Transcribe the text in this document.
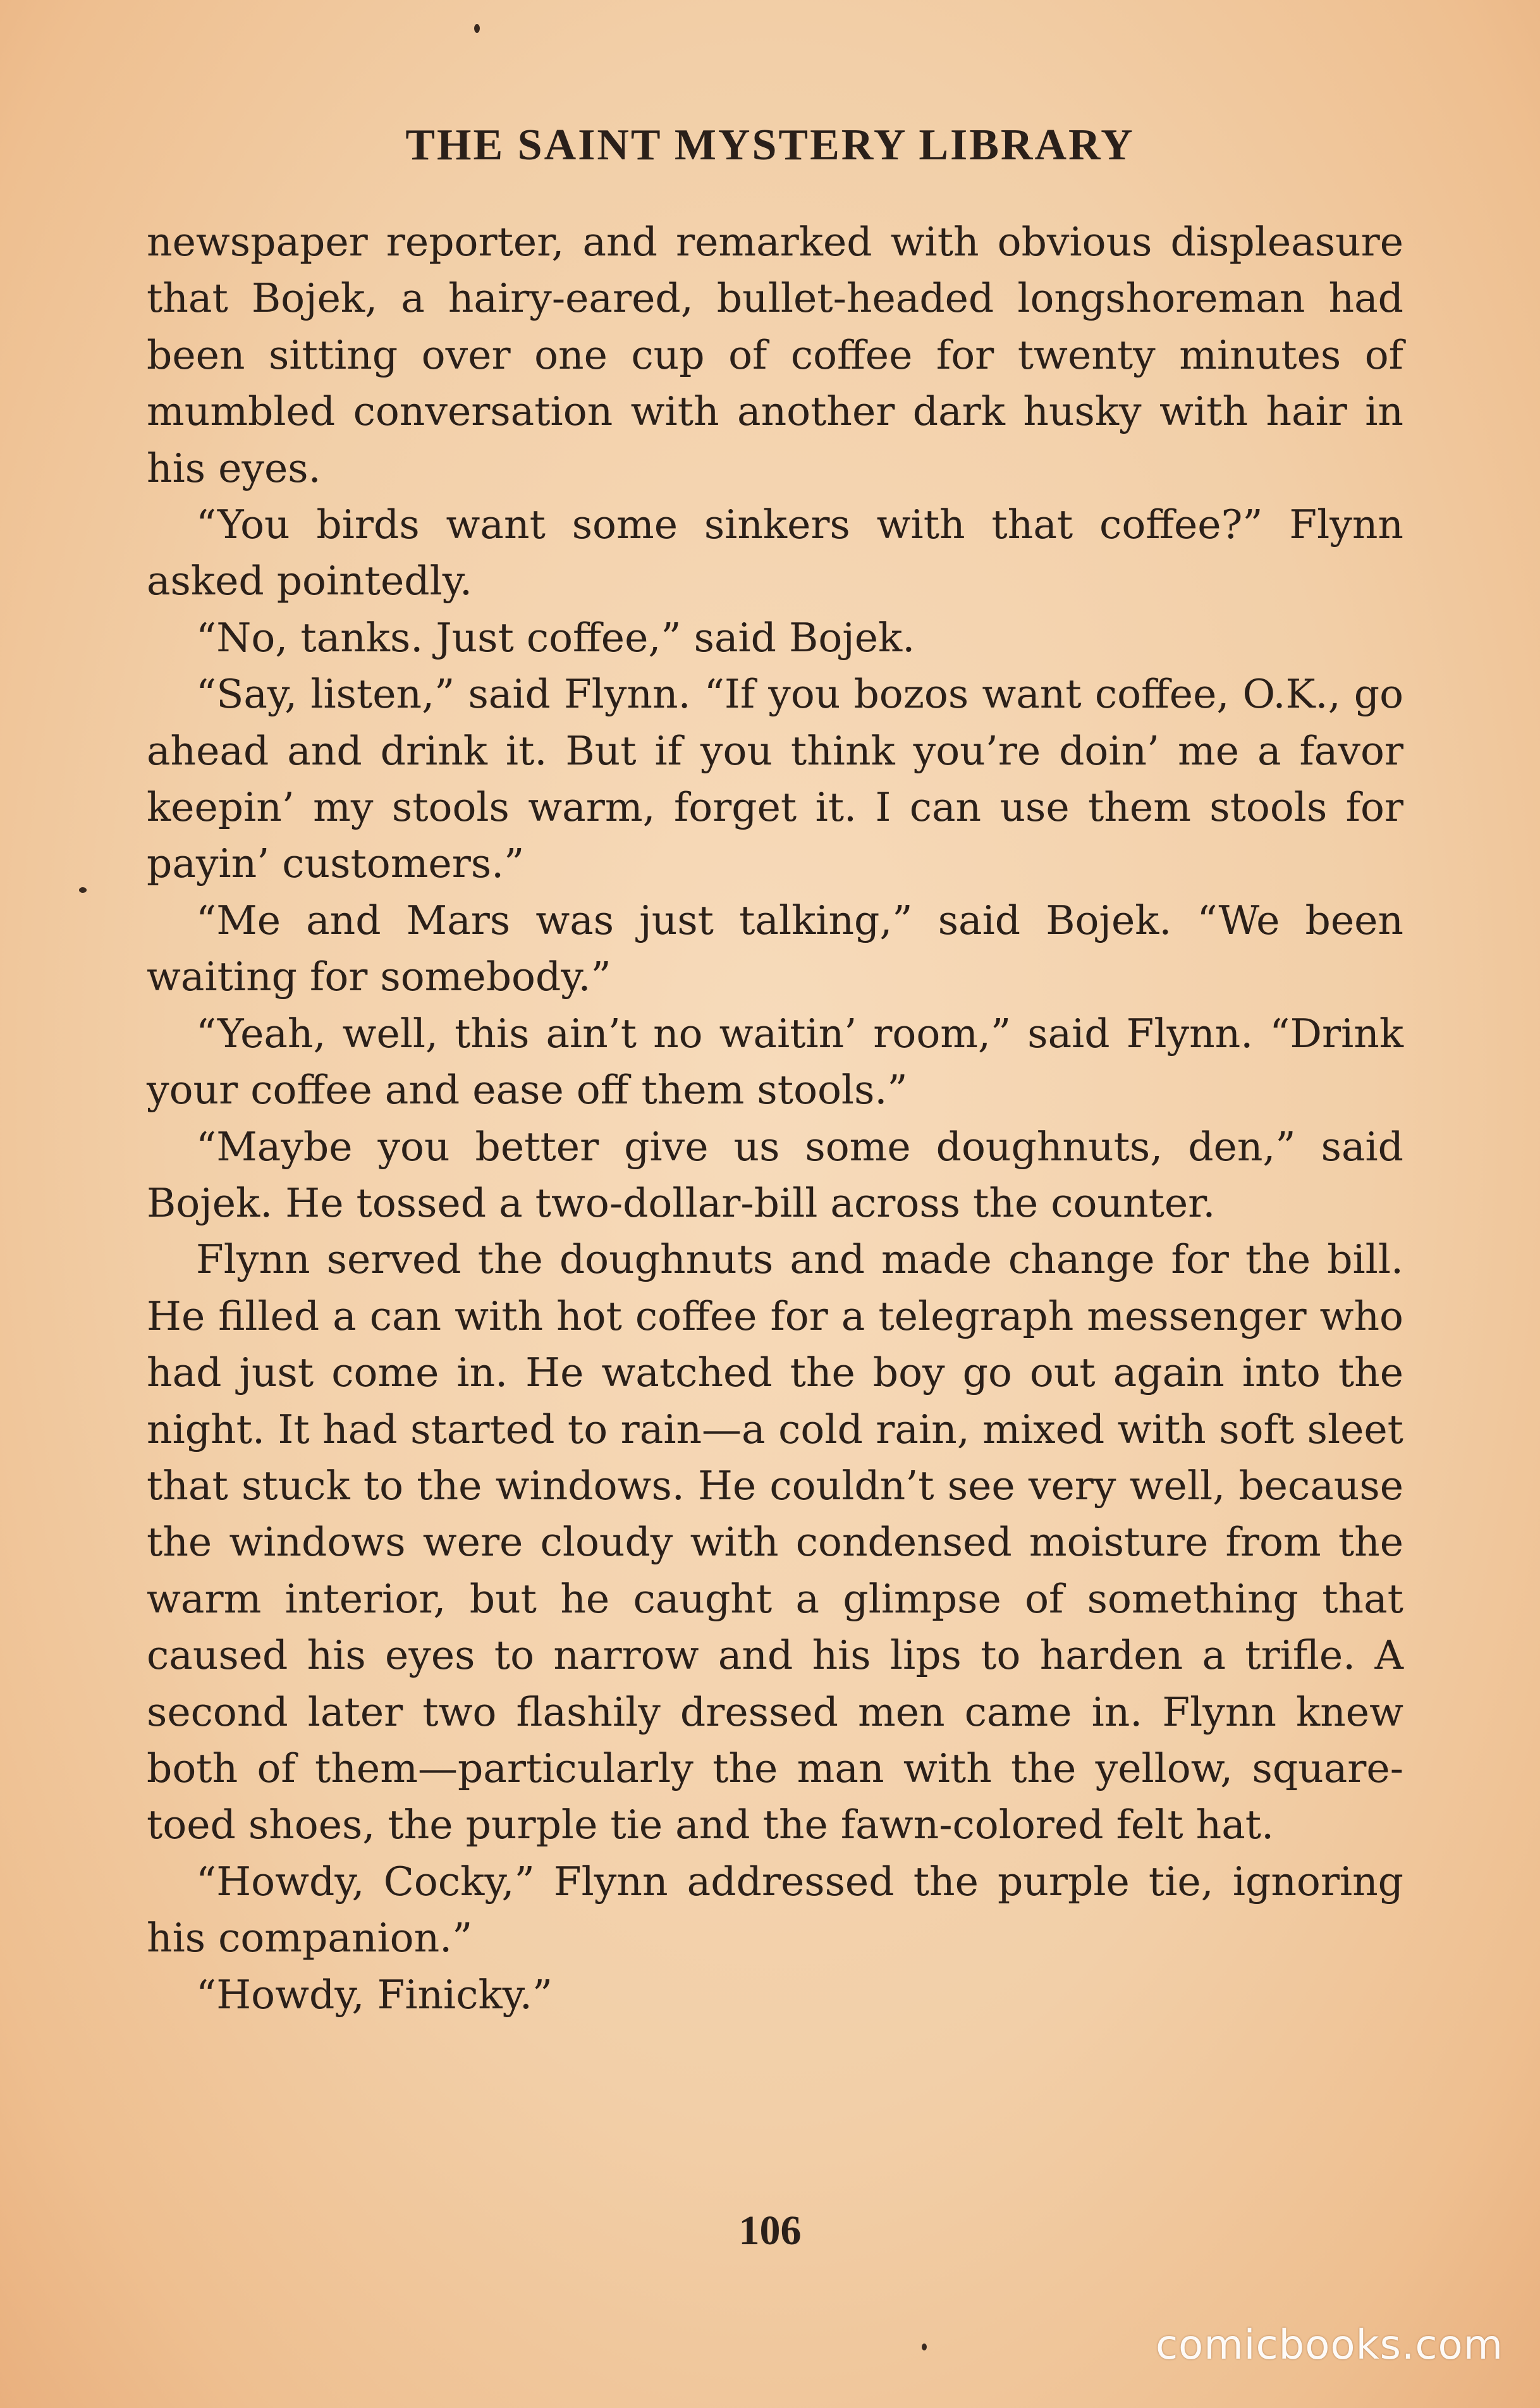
THE SAINT MYSTERY LIBRARY

newspaper reporter, and remarked with obvious displeasure that Bojek, a hairy-eared, bullet-headed longshoreman had been sitting over one cup of coffee for twenty minutes of mumbled conversation with another dark husky with hair in his eyes.

“You birds want some sinkers with that coffee?” Flynn asked pointedly.

“No, tanks. Just coffee,” said Bojek.

“Say, listen,” said Flynn. “If you bozos want coffee, O.K., go ahead and drink it. But if you think you’re doin’ me a favor keepin’ my stools warm, forget it. I can use them stools for payin’ customers.”

“Me and Mars was just talking,” said Bojek. “We been waiting for somebody.”

“Yeah, well, this ain’t no waitin’ room,” said Flynn. “Drink your coffee and ease off them stools.”

“Maybe you better give us some doughnuts, den,” said Bojek. He tossed a two-dollar-bill across the counter.

Flynn served the doughnuts and made change for the bill. He filled a can with hot coffee for a telegraph messenger who had just come in. He watched the boy go out again into the night. It had started to rain—a cold rain, mixed with soft sleet that stuck to the windows. He couldn’t see very well, because the windows were cloudy with condensed moisture from the warm interior, but he caught a glimpse of something that caused his eyes to narrow and his lips to harden a trifle. A second later two flashily dressed men came in. Flynn knew both of them—particularly the man with the yellow, square-toed shoes, the purple tie and the fawn-colored felt hat.

“Howdy, Cocky,” Flynn addressed the purple tie, ignoring his companion.”

“Howdy, Finicky.”

106
comicbooks.com
